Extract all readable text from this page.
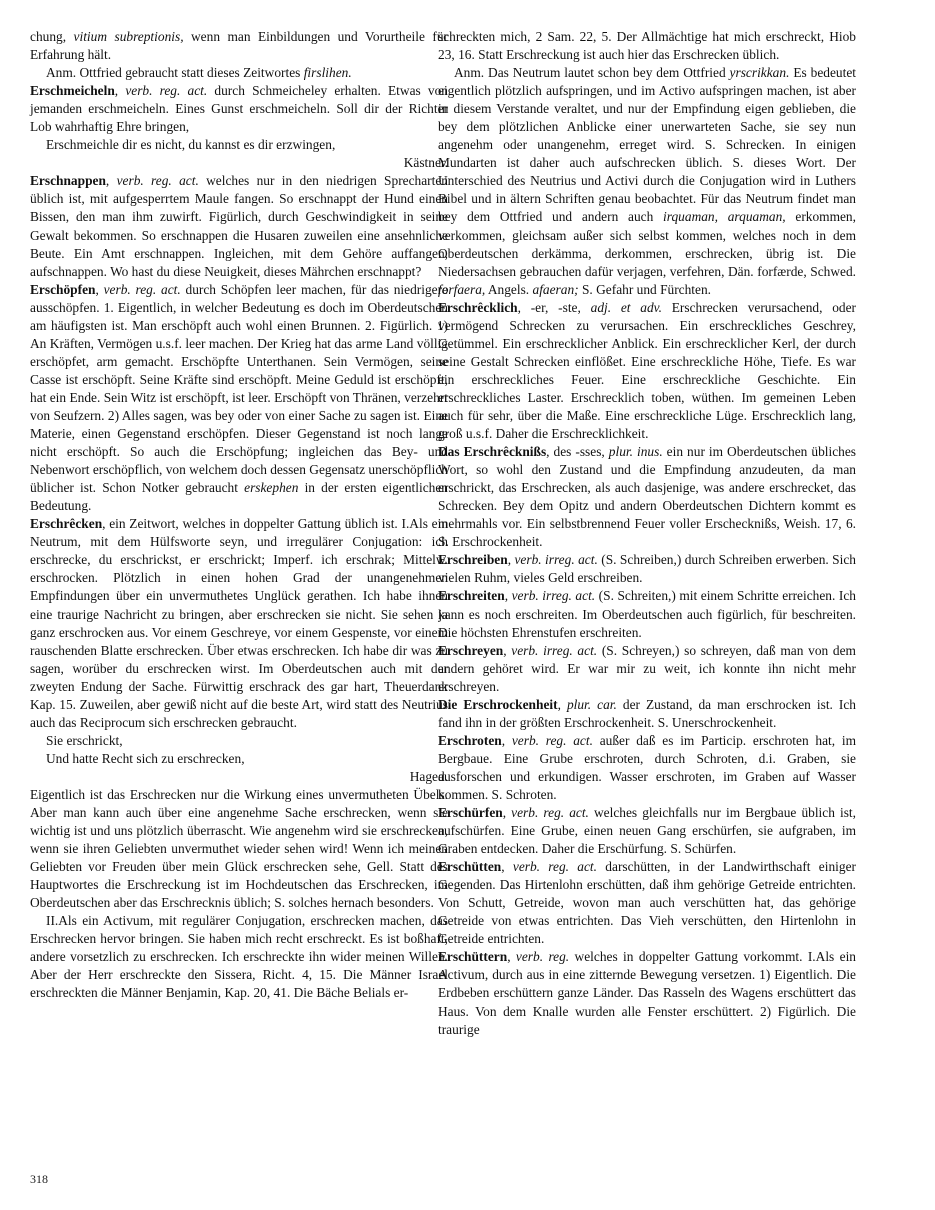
chung, vitium subreptionis, wenn man Einbildungen und Vorurtheile für Erfahrung hält.
Anm. Ottfried gebraucht statt dieses Zeitwortes firslihen.
Erschmeicheln, verb. reg. act. durch Schmeicheley erhalten. Etwas von jemanden erschmeicheln. Eines Gunst erschmeicheln. Soll dir der Richter Lob wahrhaftig Ehre bringen,
Erschmeichle dir es nicht, du kannst es dir erzwingen,
Kästner.
Erschnappen, verb. reg. act. welches nur in den niedrigen Sprecharten üblich ist, mit aufgesperrtem Maule fangen. So erschnappt der Hund einen Bissen, den man ihm zuwirft. Figürlich, durch Geschwindigkeit in seine Gewalt bekommen. So erschnappen die Husaren zuweilen eine ansehnliche Beute. Ein Amt erschnappen. Ingleichen, mit dem Gehöre auffangen, aufschnappen. Wo hast du diese Neuigkeit, dieses Mährchen erschnappt?
Erschöpfen, verb. reg. act. durch Schöpfen leer machen, für das niedrigere ausschöpfen. 1. Eigentlich, in welcher Bedeutung es doch im Oberdeutschen am häufigsten ist. Man erschöpft auch wohl einen Brunnen. 2. Figürlich. 1) An Kräften, Vermögen u.s.f. leer machen. Der Krieg hat das arme Land völlig erschöpfet, arm gemacht. Erschöpfte Unterthanen. Sein Vermögen, seine Casse ist erschöpft. Seine Kräfte sind erschöpft. Meine Geduld ist erschöpft, hat ein Ende. Sein Witz ist erschöpft, ist leer. Erschöpft von Thränen, verzehrt von Seufzern. 2) Alles sagen, was bey oder von einer Sache zu sagen ist. Eine Materie, einen Gegenstand erschöpfen. Dieser Gegenstand ist noch lange nicht erschöpft. So auch die Erschöpfung; ingleichen das Bey- und Nebenwort erschöpflich, von welchem doch dessen Gegensatz unerschöpflich üblicher ist. Schon Notker gebraucht erskephen in der ersten eigentlichen Bedeutung.
Erschrêcken, ein Zeitwort, welches in doppelter Gattung üblich ist. I.Als ein Neutrum, mit dem Hülfsworte seyn, und irregulärer Conjugation: ich erschrecke, du erschrickst, er erschrickt; Imperf. ich erschrak; Mittelw. erschrocken. Plötzlich in einen hohen Grad der unangenehmen Empfindungen über ein unvermuthetes Unglück gerathen. Ich habe ihnen eine traurige Nachricht zu bringen, aber erschrecken sie nicht. Sie sehen ja ganz erschrocken aus. Vor einem Geschreye, vor einem Gespenste, vor einem rauschenden Blatte erschrecken. Über etwas erschrecken. Ich habe dir was zu sagen, worüber du erschrecken wirst. Im Oberdeutschen auch mit der zweyten Endung der Sache. Fürwittig erschrack des gar hart, Theuerdank Kap. 15. Zuweilen, aber gewiß nicht auf die beste Art, wird statt des Neutrius auch das Reciprocum sich erschrecken gebraucht.
Sie erschrickt,
Und hatte Recht sich zu erschrecken,
Haged.
Eigentlich ist das Erschrecken nur die Wirkung eines unvermutheten Übels. Aber man kann auch über eine angenehme Sache erschrecken, wenn sie wichtig ist und uns plötzlich überrascht. Wie angenehm wird sie erschrecken, wenn sie ihren Geliebten unvermuthet wieder sehen wird! Wenn ich meinen Geliebten vor Freuden über mein Glück erschrecken sehe, Gell. Statt des Hauptwortes die Erschreckung ist im Hochdeutschen das Erschrecken, im Oberdeutschen aber das Erschrecknis üblich; S. solches hernach besonders.
II.Als ein Activum, mit regulärer Conjugation, erschrecken machen, das Erschrecken hervor bringen. Sie haben mich recht erschreckt. Es ist boßhaft, andere vorsetzlich zu erschrecken. Ich erschreckte ihn wider meinen Willen. Aber der Herr erschreckte den Sissera, Richt. 4, 15. Die Männer Israel erschreckten die Männer Benjamin, Kap. 20, 41. Die Bäche Belials er-
schreckten mich, 2 Sam. 22, 5. Der Allmächtige hat mich erschreckt, Hiob 23, 16. Statt Erschreckung ist auch hier das Erschrecken üblich.
Anm. Das Neutrum lautet schon bey dem Ottfried yrscrikkan. Es bedeutet eigentlich plötzlich aufspringen, und im Activo aufspringen machen, ist aber in diesem Verstande veraltet, und nur der Empfindung eigen geblieben, die bey dem plötzlichen Anblicke einer unerwarteten Sache, sie sey nun angenehm oder unangenehm, erreget wird. S. Schrecken. In einigen Mundarten ist daher auch aufschrecken üblich. S. dieses Wort. Der Unterschied des Neutrius und Activi durch die Conjugation wird in Luthers Bibel und in ältern Schriften genau beobachtet. Für das Neutrum findet man bey dem Ottfried und andern auch irquaman, arquaman, erkommen, verkommen, gleichsam außer sich selbst kommen, welches noch in dem Oberdeutschen derkämma, derkommen, erschrecken, übrig ist. Die Niedersachsen gebrauchen dafür verjagen, verfehren, Dän. forfærde, Schwed. forfaera, Angels. afaeran; S. Gefahr und Fürchten.
Erschrêcklich, -er, -ste, adj. et adv. Erschrecken verursachend, oder vermögend Schrecken zu verursachen. Ein erschreckliches Geschrey, Getümmel. Ein erschrecklicher Anblick. Ein erschrecklicher Kerl, der durch seine Gestalt Schrecken einflößet. Eine erschreckliche Höhe, Tiefe. Es war ein erschreckliches Feuer. Eine erschreckliche Geschichte. Ein erschreckliches Laster. Erschrecklich toben, wüthen. Im gemeinen Leben auch für sehr, über die Maße. Eine erschreckliche Lüge. Erschrecklich lang, groß u.s.f. Daher die Erschrecklichkeit.
Das Erschrêcknißs, des -sses, plur. inus. ein nur im Oberdeutschen übliches Wort, so wohl den Zustand und die Empfindung anzudeuten, da man erschrickt, das Erschrecken, als auch dasjenige, was andere erschrecket, das Schrecken. Bey dem Opitz und andern Oberdeutschen Dichtern kommt es mehrmahls vor. Ein selbstbrennend Feuer voller Erschecknißs, Weish. 17, 6. S. Erschrockenheit.
Erschreiben, verb. irreg. act. (S. Schreiben,) durch Schreiben erwerben. Sich vielen Ruhm, vieles Geld erschreiben.
Erschreiten, verb. irreg. act. (S. Schreiten,) mit einem Schritte erreichen. Ich kann es noch erschreiten. Im Oberdeutschen auch figürlich, für beschreiten. Die höchsten Ehrenstufen erschreiten.
Erschreyen, verb. irreg. act. (S. Schreyen,) so schreyen, daß man von dem andern gehöret wird. Er war mir zu weit, ich konnte ihn nicht mehr erschreyen.
Die Erschrockenheit, plur. car. der Zustand, da man erschrocken ist. Ich fand ihn in der größten Erschrockenheit. S. Unerschrockenheit.
Erschroten, verb. reg. act. außer daß es im Particip. erschroten hat, im Bergbaue. Eine Grube erschroten, durch Schroten, d.i. Graben, sie ausforschen und erkundigen. Wasser erschroten, im Graben auf Wasser kommen. S. Schroten.
Erschürfen, verb. reg. act. welches gleichfalls nur im Bergbaue üblich ist, aufschürfen. Eine Grube, einen neuen Gang erschürfen, sie aufgraben, im Graben entdecken. Daher die Erschürfung. S. Schürfen.
Erschütten, verb. reg. act. darschütten, in der Landwirthschaft einiger Gegenden. Das Hirtenlohn erschütten, daß ihm gehörige Getreide entrichten. Von Schutt, Getreide, wovon man auch verschütten hat, das gehörige Getreide von etwas entrichten. Das Vieh verschütten, den Hirtenlohn in Getreide entrichten.
Erschüttern, verb. reg. welches in doppelter Gattung vorkommt. I.Als ein Activum, durch aus in eine zitternde Bewegung versetzen. 1) Eigentlich. Die Erdbeben erschüttern ganze Länder. Das Rasseln des Wagens erschüttert das Haus. Von dem Knalle wurden alle Fenster erschüttert. 2) Figürlich. Die traurige
318
